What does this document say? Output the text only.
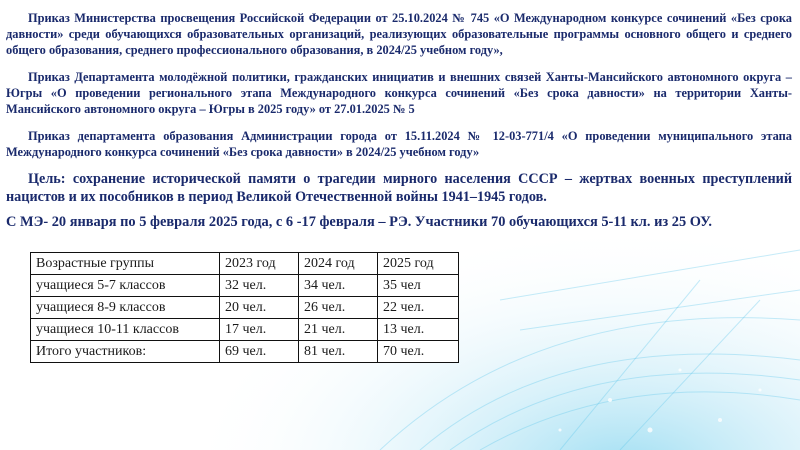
Приказ Министерства просвещения Российской Федерации от 25.10.2024 № 745 «О Международном конкурсе сочинений «Без срока давности» среди обучающихся образовательных организаций, реализующих образовательные программы основного общего и среднего общего образования, среднего профессионального образования, в 2024/25 учебном году»,

Приказ Департамента молодёжной политики, гражданских инициатив и внешних связей Ханты-Мансийского автономного округа – Югры «О проведении регионального этапа Международного конкурса сочинений «Без срока давности» на территории Ханты-Мансийского автономного округа – Югры в 2025 году» от 27.01.2025 № 5

Приказ департамента образования Администрации города от 15.11.2024 № 12-03-771/4 «О проведении муниципального этапа Международного конкурса сочинений «Без срока давности» в 2024/25 учебном году»

Цель: сохранение исторической памяти о трагедии мирного населения СССР – жертвах военных преступлений нацистов и их пособников в период Великой Отечественной войны 1941–1945 годов.

С МЭ- 20 января по 5 февраля 2025 года, с 6 -17 февраля – РЭ. Участники 70 обучающихся 5-11 кл. из 25 ОУ.

Возрастные группы	2023 год	2024 год	2025 год
учащиеся 5-7 классов	32 чел.	34 чел.	35 чел
учащиеся 8-9 классов	20 чел.	26 чел.	22 чел.
учащиеся 10-11 классов	17 чел.	21 чел.	13 чел.
Итого участников:	69 чел.	81 чел.	70 чел.
